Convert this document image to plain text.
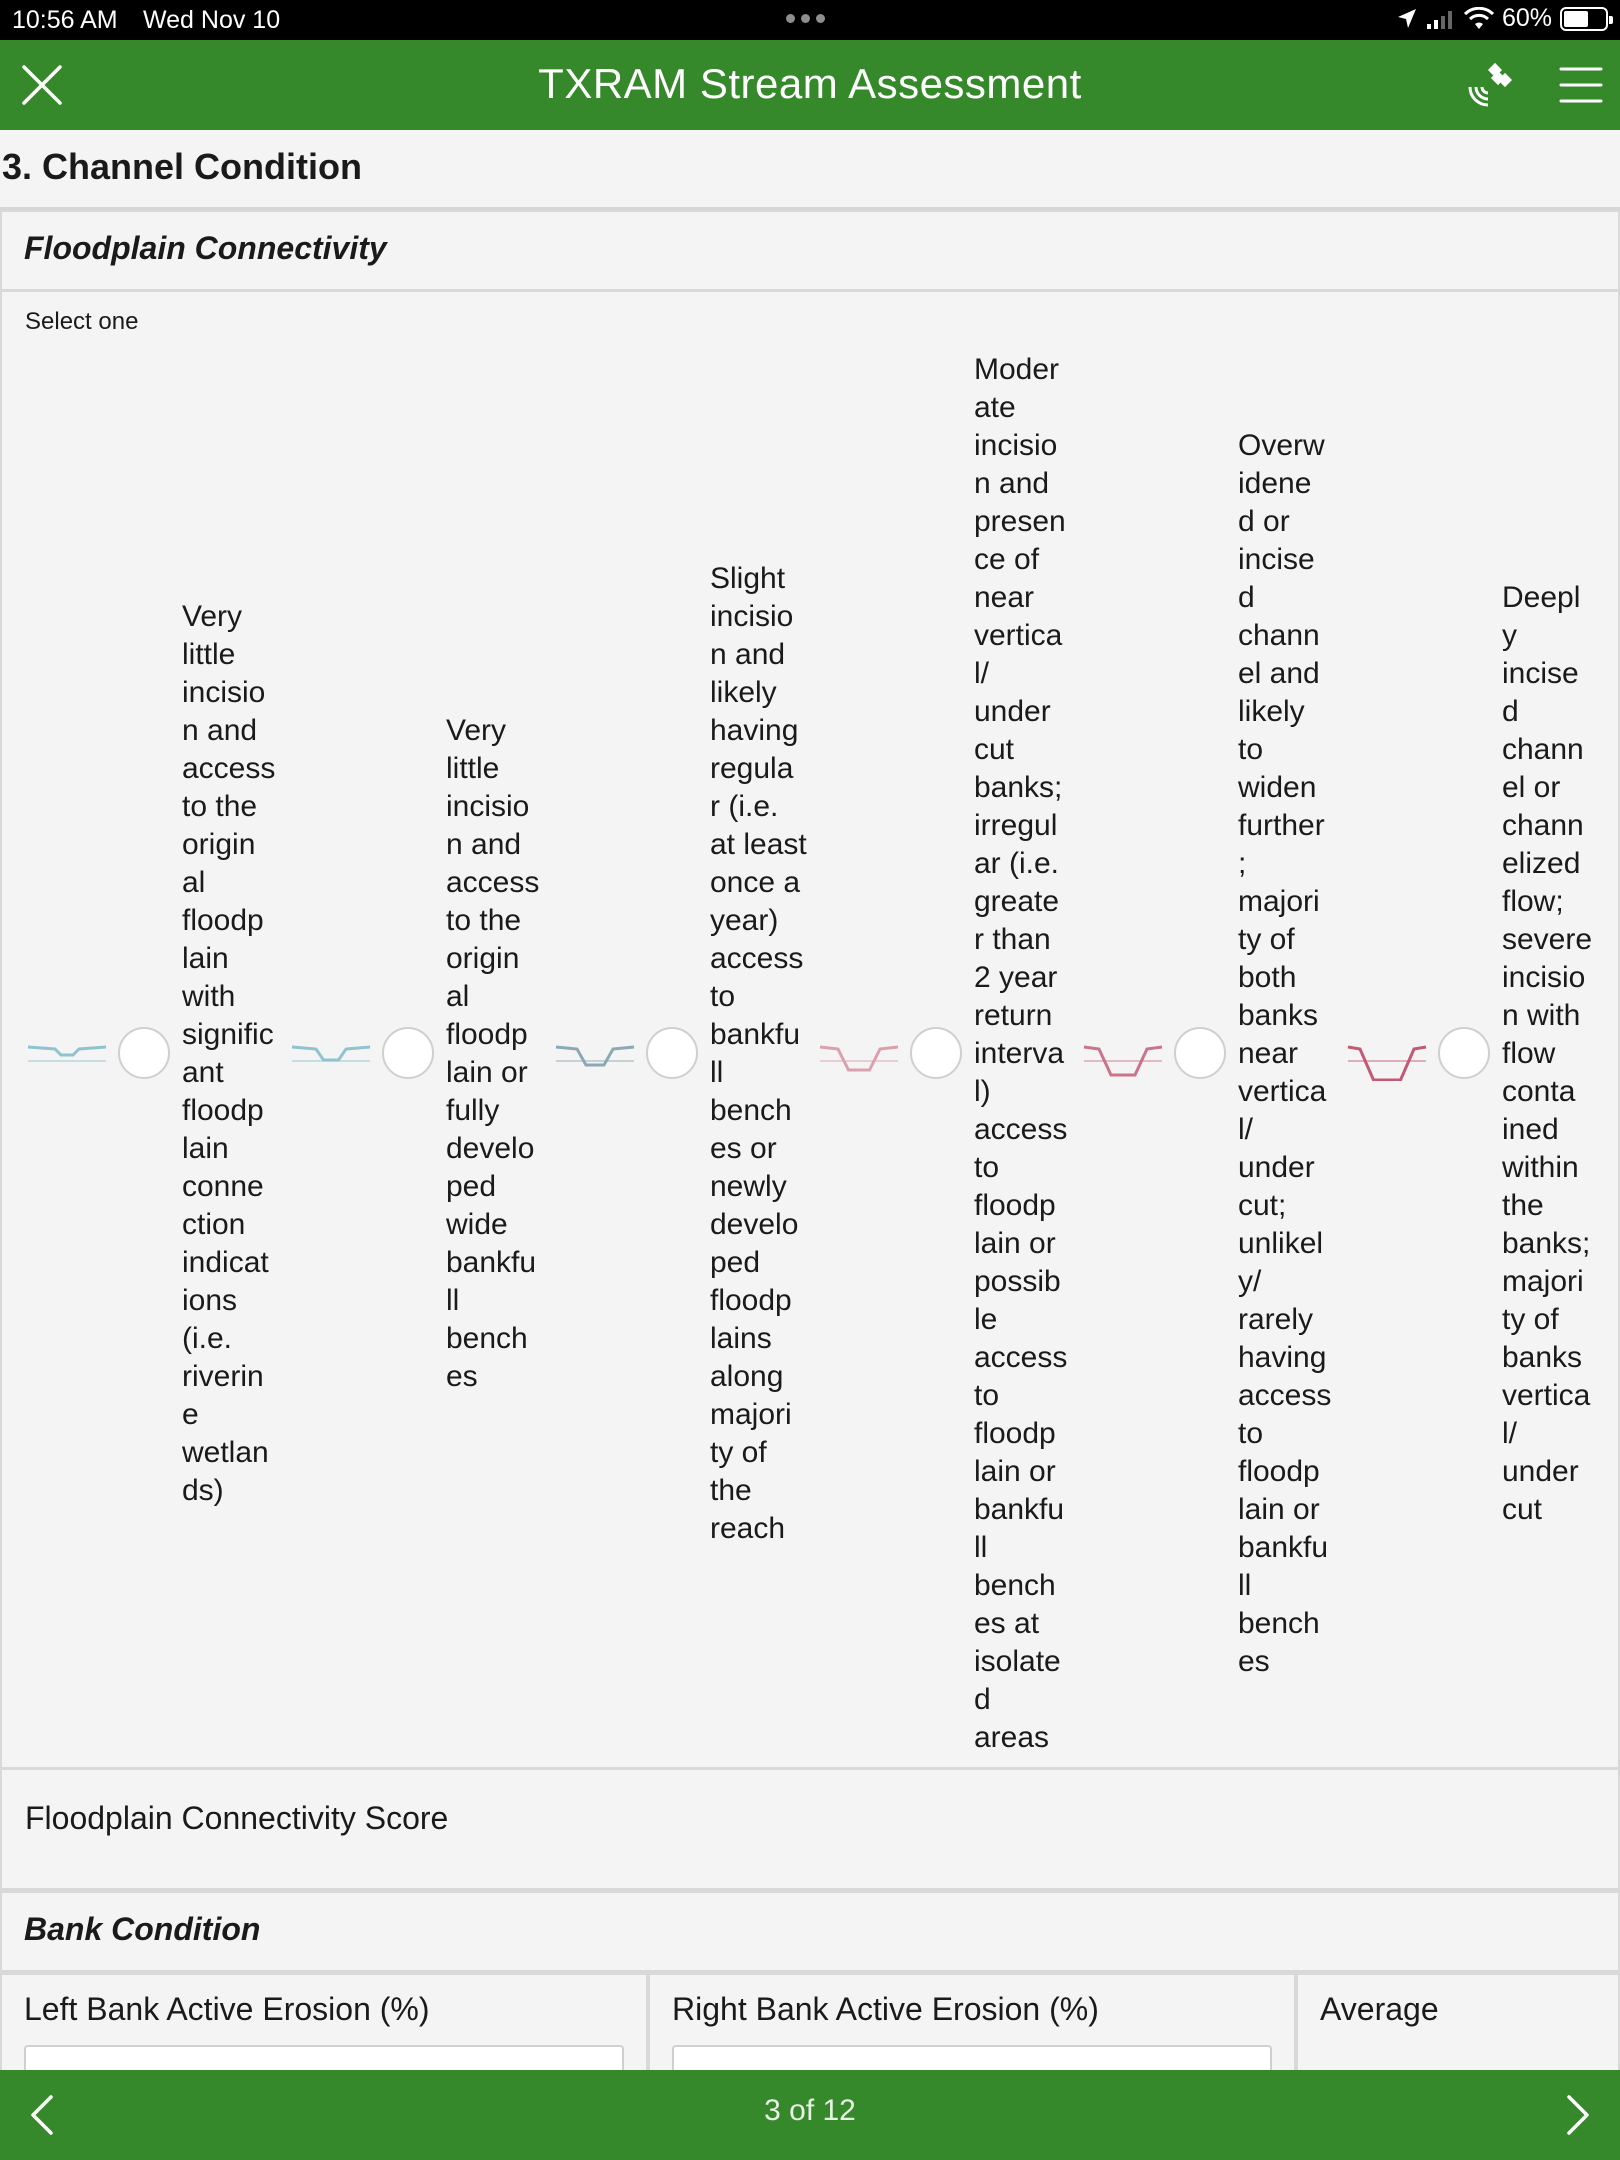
10:56 AM Wed Nov 10	60%
TXRAM Stream Assessment
3. Channel Condition
Floodplain Connectivity
Select one
Very
little
incisio
n and
access
to the
origin
al
floodp
lain
with
signific
ant
floodp
lain
conne
ction
indicat
ions
(i.e.
riverin
e
wetlan
ds)
Very
little
incisio
n and
access
to the
origin
al
floodp
lain or
fully
develo
ped
wide
bankfu
ll
bench
es
Slight
incisio
n and
likely
having
regula
r (i.e.
at least
once a
year)
access
to
bankfu
ll
bench
es or
newly
develo
ped
floodp
lains
along
majori
ty of
the
reach
Moder
ate
incisio
n and
presen
ce of
near
vertica
l/
under
cut
banks;
irregul
ar (i.e.
greate
r than
2 year
return
interva
l)
access
to
floodp
lain or
possib
le
access
to
floodp
lain or
bankfu
ll
bench
es at
isolate
d
areas
Overw
idene
d or
incise
d
chann
el and
likely
to
widen
further
;
majori
ty of
both
banks
near
vertica
l/
under
cut;
unlikel
y/
rarely
having
access
to
floodp
lain or
bankfu
ll
bench
es
Deepl
y
incise
d
chann
el or
chann
elized
flow;
severe
incisio
n with
flow
conta
ined
within
the
banks;
majori
ty of
banks
vertica
l/
under
cut
Floodplain Connectivity Score
Bank Condition
Left Bank Active Erosion (%)	Right Bank Active Erosion (%)	Average
3 of 12
